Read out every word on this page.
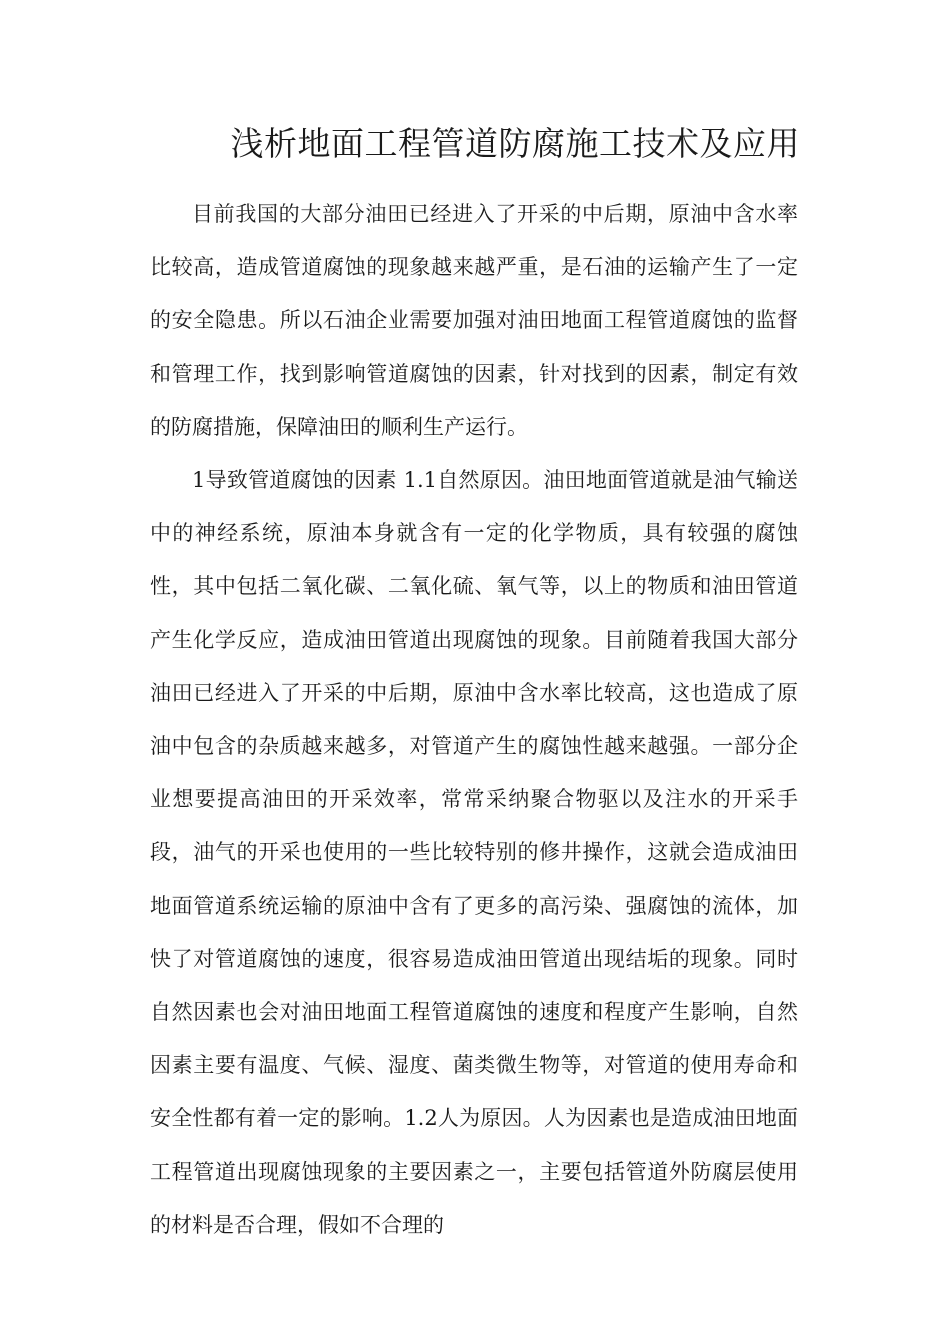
浅析地面工程管道防腐施工技术及应用

目前我国的大部分油田已经进入了开采的中后期，原油中含水率比较高，造成管道腐蚀的现象越来越严重，是石油的运输产生了一定的安全隐患。所以石油企业需要加强对油田地面工程管道腐蚀的监督和管理工作，找到影响管道腐蚀的因素，针对找到的因素，制定有效的防腐措施，保障油田的顺利生产运行。

1导致管道腐蚀的因素 1.1自然原因。油田地面管道就是油气输送中的神经系统，原油本身就含有一定的化学物质，具有较强的腐蚀性，其中包括二氧化碳、二氧化硫、氧气等，以上的物质和油田管道产生化学反应，造成油田管道出现腐蚀的现象。目前随着我国大部分油田已经进入了开采的中后期，原油中含水率比较高，这也造成了原油中包含的杂质越来越多，对管道产生的腐蚀性越来越强。一部分企业想要提高油田的开采效率，常常采纳聚合物驱以及注水的开采手段，油气的开采也使用的一些比较特别的修井操作，这就会造成油田地面管道系统运输的原油中含有了更多的高污染、强腐蚀的流体，加快了对管道腐蚀的速度，很容易造成油田管道出现结垢的现象。同时自然因素也会对油田地面工程管道腐蚀的速度和程度产生影响，自然因素主要有温度、气候、湿度、菌类微生物等，对管道的使用寿命和安全性都有着一定的影响。1.2人为原因。人为因素也是造成油田地面工程管道出现腐蚀现象的主要因素之一，主要包括管道外防腐层使用的材料是否合理，假如不合理的
